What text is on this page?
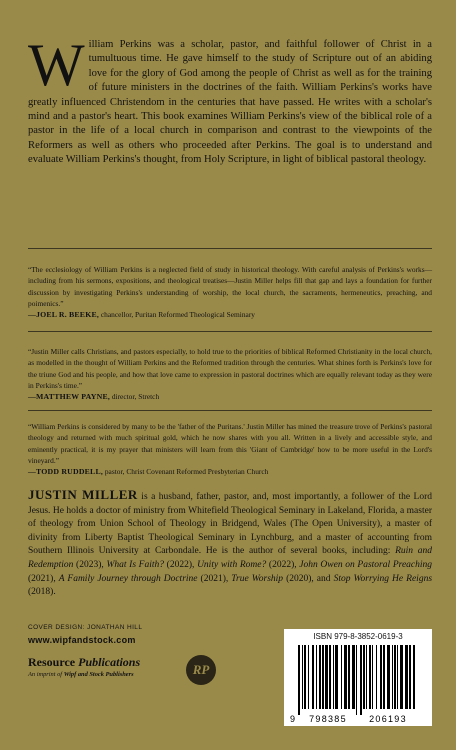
William Perkins was a scholar, pastor, and faithful follower of Christ in a tumultuous time. He gave himself to the study of Scripture out of an abiding love for the glory of God among the people of Christ as well as for the training of future ministers in the doctrines of the faith. William Perkins's works have greatly influenced Christendom in the centuries that have passed. He writes with a scholar's mind and a pastor's heart. This book examines William Perkins's view of the biblical role of a pastor in the life of a local church in comparison and contrast to the viewpoints of the Reformers as well as others who proceeded after Perkins. The goal is to understand and evaluate William Perkins's thought, from Holy Scripture, in light of biblical pastoral theology.
“The ecclesiology of William Perkins is a neglected field of study in historical theology. With careful analysis of Perkins's works—including from his sermons, expositions, and theological treatises—Justin Miller helps fill that gap and lays a foundation for further discussion by investigating Perkins's understanding of worship, the local church, the sacraments, hermeneutics, preaching, and poimenics.”
—JOEL R. BEEKE, chancellor, Puritan Reformed Theological Seminary
“Justin Miller calls Christians, and pastors especially, to hold true to the priorities of biblical Reformed Christianity in the local church, as modelled in the thought of William Perkins and the Reformed tradition through the centuries. What shines forth is Perkins's love for the triune God and his people, and how that love came to expression in pastoral doctrines which are equally relevant today as they were in Perkins's time.”
—MATTHEW PAYNE, director, Stretch
“William Perkins is considered by many to be the 'father of the Puritans.' Justin Miller has mined the treasure trove of Perkins's pastoral theology and returned with much spiritual gold, which he now shares with you all. Written in a lively and accessible style, and eminently practical, it is my prayer that ministers will learn from this 'Giant of Cambridge' how to be more useful in the Lord's vineyard.”
—TODD RUDDELL, pastor, Christ Covenant Reformed Presbyterian Church
JUSTIN MILLER is a husband, father, pastor, and, most importantly, a follower of the Lord Jesus. He holds a doctor of ministry from Whitefield Theological Seminary in Lakeland, Florida, a master of theology from Union School of Theology in Bridgend, Wales (The Open University), a master of divinity from Liberty Baptist Theological Seminary in Lynchburg, and a master of accounting from Southern Illinois University at Carbondale. He is the author of several books, including: Ruin and Redemption (2023), What Is Faith? (2022), Unity with Rome? (2022), John Owen on Pastoral Preaching (2021), A Family Journey through Doctrine (2021), True Worship (2020), and Stop Worrying He Reigns (2018).
COVER DESIGN: JONATHAN HILL
www.wipfandstock.com
Resource Publications
An imprint of Wipf and Stock Publishers	RP
ISBN 979-8-3852-0619-3
9 798385 206193
